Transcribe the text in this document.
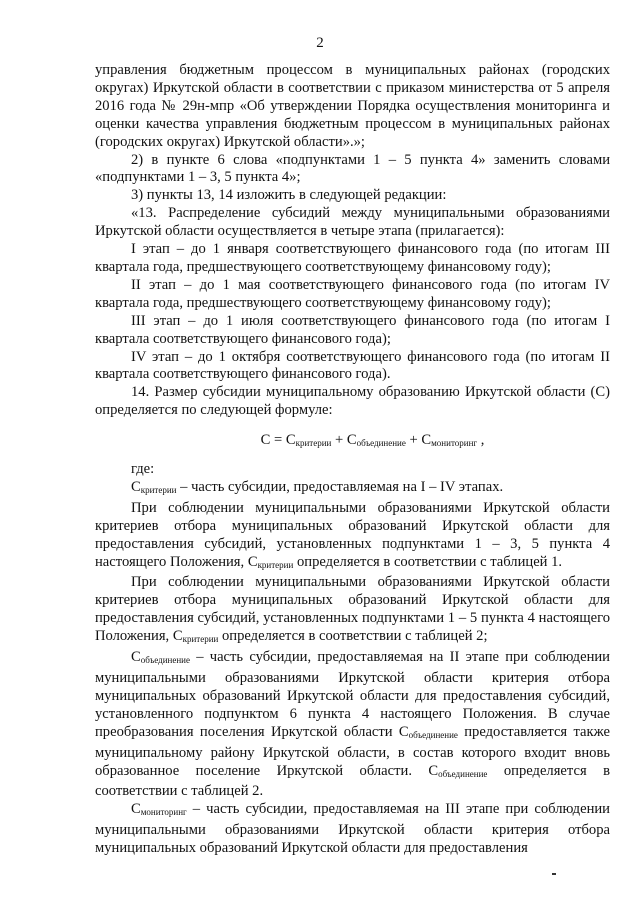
2

управления бюджетным процессом в муниципальных районах (городских округах) Иркутской области в соответствии с приказом министерства от 5 апреля 2016 года № 29н-мпр «Об утверждении Порядка осуществления мониторинга и оценки качества управления бюджетным процессом в муниципальных районах (городских округах) Иркутской области».»;

2) в пункте 6 слова «подпунктами 1 – 5 пункта 4» заменить словами «подпунктами 1 – 3, 5 пункта 4»;

3) пункты 13, 14 изложить в следующей редакции:

«13. Распределение субсидий между муниципальными образованиями Иркутской области осуществляется в четыре этапа (прилагается):

I этап – до 1 января соответствующего финансового года (по итогам III квартала года, предшествующего соответствующему финансовому году);

II этап – до 1 мая соответствующего финансового года (по итогам IV квартала года, предшествующего соответствующему финансовому году);

III этап – до 1 июля соответствующего финансового года (по итогам I квартала соответствующего финансового года);

IV этап – до 1 октября соответствующего финансового года (по итогам II квартала соответствующего финансового года).

14. Размер субсидии муниципальному образованию Иркутской области (С) определяется по следующей формуле:

$С = С_{критерии} + С_{объединение} + С_{мониторинг}$ ,

где:

$С_{критерии}$ – часть субсидии, предоставляемая на I – IV этапах.

При соблюдении муниципальными образованиями Иркутской области критериев отбора муниципальных образований Иркутской области для предоставления субсидий, установленных подпунктами 1 – 3, 5 пункта 4 настоящего Положения, $С_{критерии}$ определяется в соответствии с таблицей 1.

При соблюдении муниципальными образованиями Иркутской области критериев отбора муниципальных образований Иркутской области для предоставления субсидий, установленных подпунктами 1 – 5 пункта 4 настоящего Положения, $С_{критерии}$ определяется в соответствии с таблицей 2;

$С_{объединение}$ – часть субсидии, предоставляемая на II этапе при соблюдении муниципальными образованиями Иркутской области критерия отбора муниципальных образований Иркутской области для предоставления субсидий, установленного подпунктом 6 пункта 4 настоящего Положения. В случае преобразования поселения Иркутской области $С_{объединение}$ предоставляется также муниципальному району Иркутской области, в состав которого входит вновь образованное поселение Иркутской области. $С_{объединение}$ определяется в соответствии с таблицей 2.

$С_{мониторинг}$ – часть субсидии, предоставляемая на III этапе при соблюдении муниципальными образованиями Иркутской области критерия отбора муниципальных образований Иркутской области для предоставления
